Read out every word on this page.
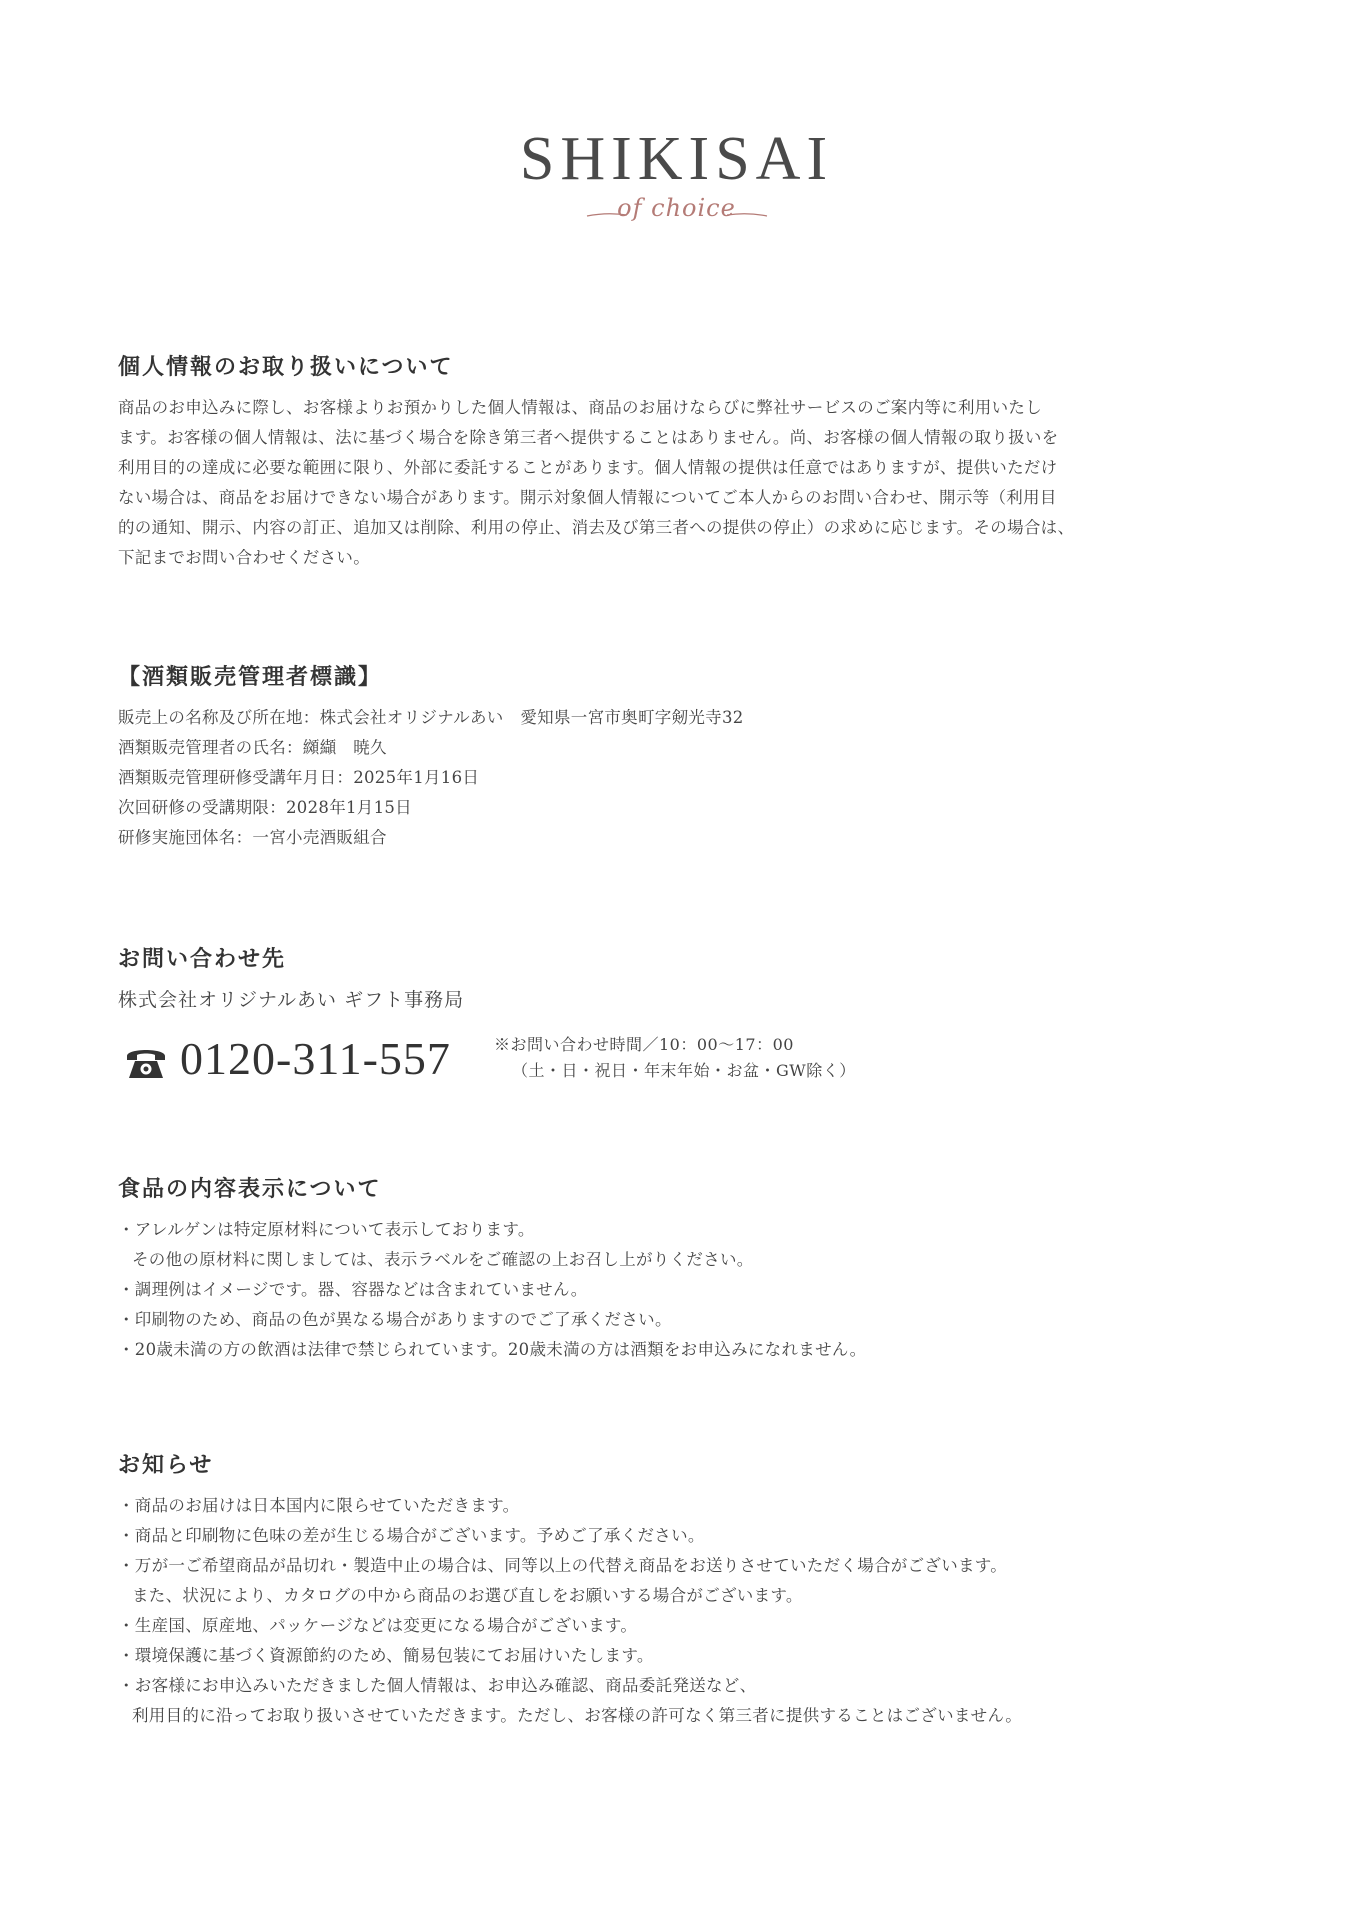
SHIKISAI
of choice
個人情報のお取り扱いについて
商品のお申込みに際し、お客様よりお預かりした個人情報は、商品のお届けならびに弊社サービスのご案内等に利用いたし
ます。お客様の個人情報は、法に基づく場合を除き第三者へ提供することはありません。尚、お客様の個人情報の取り扱いを
利用目的の達成に必要な範囲に限り、外部に委託することがあります。個人情報の提供は任意ではありますが、提供いただけ
ない場合は、商品をお届けできない場合があります。開示対象個人情報についてご本人からのお問い合わせ、開示等（利用目
的の通知、開示、内容の訂正、追加又は削除、利用の停止、消去及び第三者への提供の停止）の求めに応じます。その場合は、
下記までお問い合わせください。
【酒類販売管理者標識】
販売上の名称及び所在地：株式会社オリジナルあい　愛知県一宮市奥町字剱光寺32
酒類販売管理者の氏名：纐纈　暁久
酒類販売管理研修受講年月日：2025年1月16日
次回研修の受講期限：2028年1月15日
研修実施団体名：一宮小売酒販組合
お問い合わせ先
株式会社オリジナルあい ギフト事務局
0120-311-557	※お問い合わせ時間／10：00〜17：00
（土・日・祝日・年末年始・お盆・GW除く）
食品の内容表示について
・アレルゲンは特定原材料について表示しております。
その他の原材料に関しましては、表示ラベルをご確認の上お召し上がりください。
・調理例はイメージです。器、容器などは含まれていません。
・印刷物のため、商品の色が異なる場合がありますのでご了承ください。
・20歳未満の方の飲酒は法律で禁じられています。20歳未満の方は酒類をお申込みになれません。
お知らせ
・商品のお届けは日本国内に限らせていただきます。
・商品と印刷物に色味の差が生じる場合がございます。予めご了承ください。
・万が一ご希望商品が品切れ・製造中止の場合は、同等以上の代替え商品をお送りさせていただく場合がございます。
また、状況により、カタログの中から商品のお選び直しをお願いする場合がございます。
・生産国、原産地、パッケージなどは変更になる場合がございます。
・環境保護に基づく資源節約のため、簡易包装にてお届けいたします。
・お客様にお申込みいただきました個人情報は、お申込み確認、商品委託発送など、
利用目的に沿ってお取り扱いさせていただきます。ただし、お客様の許可なく第三者に提供することはございません。
